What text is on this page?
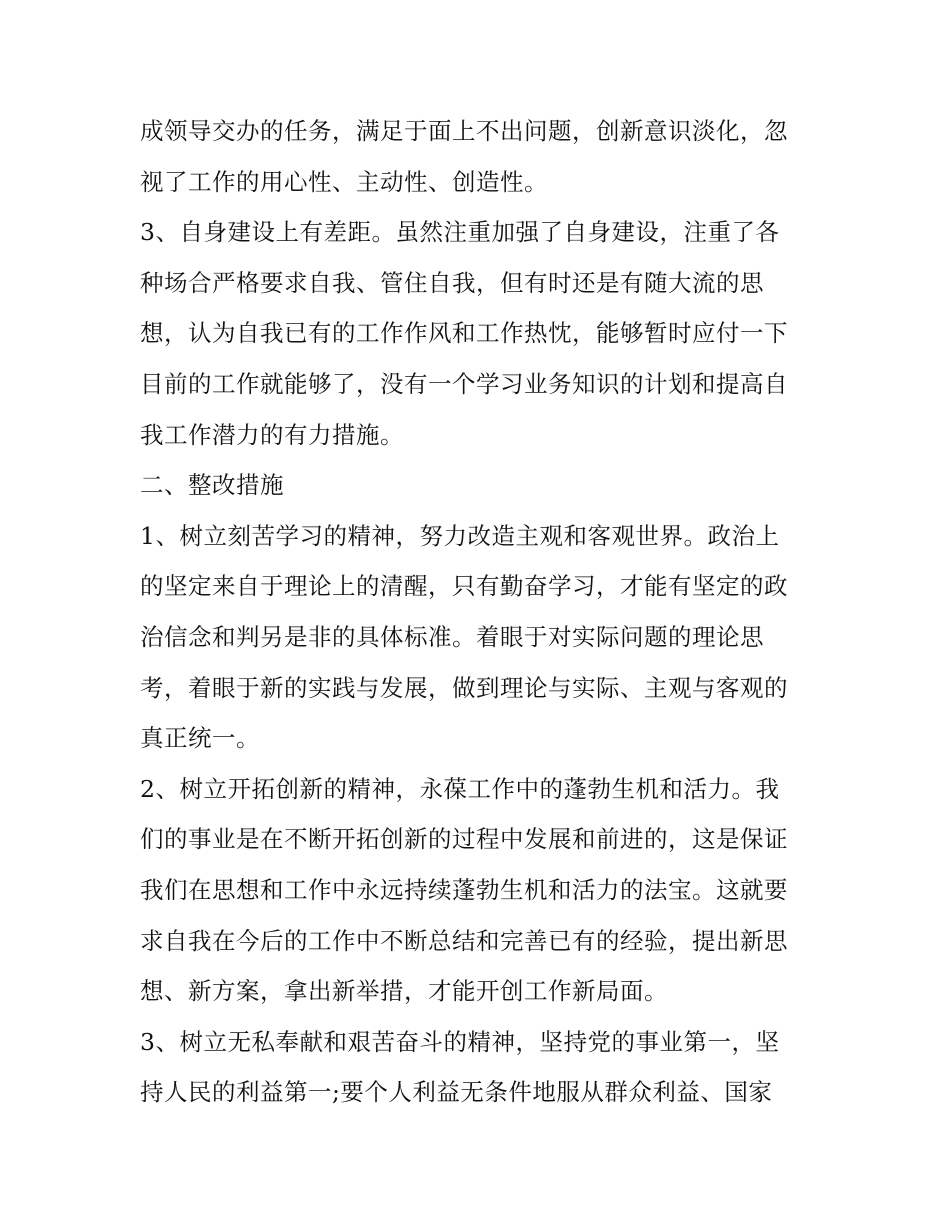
成领导交办的任务，满足于面上不出问题，创新意识淡化，忽

视了工作的用心性、主动性、创造性。

3、自身建设上有差距。虽然注重加强了自身建设，注重了各

种场合严格要求自我、管住自我，但有时还是有随大流的思

想，认为自我已有的工作作风和工作热忱，能够暂时应付一下

目前的工作就能够了，没有一个学习业务知识的计划和提高自

我工作潜力的有力措施。

二、整改措施

1、树立刻苦学习的精神，努力改造主观和客观世界。政治上

的坚定来自于理论上的清醒，只有勤奋学习，才能有坚定的政

治信念和判另是非的具体标准。着眼于对实际问题的理论思

考，着眼于新的实践与发展，做到理论与实际、主观与客观的

真正统一。

2、树立开拓创新的精神，永葆工作中的蓬勃生机和活力。我

们的事业是在不断开拓创新的过程中发展和前进的，这是保证

我们在思想和工作中永远持续蓬勃生机和活力的法宝。这就要

求自我在今后的工作中不断总结和完善已有的经验，提出新思

想、新方案，拿出新举措，才能开创工作新局面。

3、树立无私奉献和艰苦奋斗的精神，坚持党的事业第一，坚

持人民的利益第一;要个人利益无条件地服从群众利益、国家
